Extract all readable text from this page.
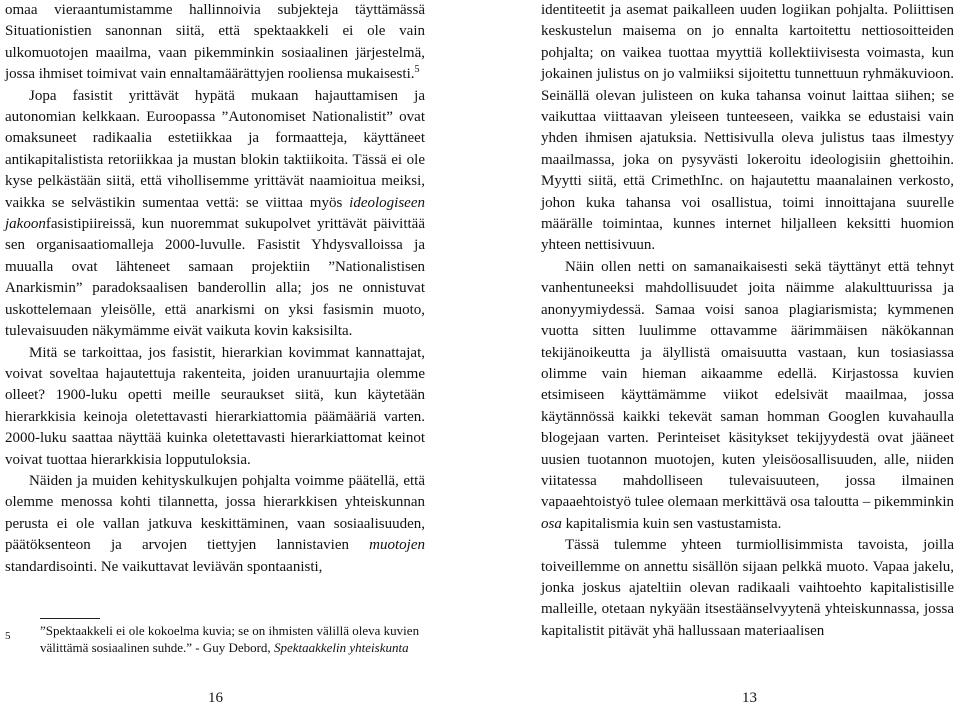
omaa vieraantumistamme hallinnoivia subjekteja täyttämässä Situationistien sanonnan siitä, että spektaakkeli ei ole vain ulkomuotojen maailma, vaan pikemminkin sosiaalinen järjestelmä, jossa ihmiset toimivat vain ennaltamäärättyjen rooliensa mukaisesti.$^5$

Jopa fasistit yrittävät hypätä mukaan hajauttamisen ja autonomian kelkkaan. Euroopassa ”Autonomiset Nationalistit” ovat omaksuneet radikaalia estetiikkaa ja formaatteja, käyttäneet antikapitalistista retoriikkaa ja mustan blokin taktiikoita. Tässä ei ole kyse pelkästään siitä, että vihollisemme yrittävät naamioitua meiksi, vaikka se selvästikin sumentaa vettä: se viittaa myös ideologiseen jakoonfasistipiireissä, kun nuoremmat sukupolvet yrittävät päivittää sen organisaatiomalleja 2000-luvulle. Fasistit Yhdysvalloissa ja muualla ovat lähteneet samaan projektiin ”Nationalistisen Anarkismin” paradoksaalisen banderollin alla; jos ne onnistuvat uskottelemaan yleisölle, että anarkismi on yksi fasismin muoto, tulevaisuuden näkymämme eivät vaikuta kovin kaksisilta.

Mitä se tarkoittaa, jos fasistit, hierarkian kovimmat kannattajat, voivat soveltaa hajautettuja rakenteita, joiden uranuurtajia olemme olleet? 1900-luku opetti meille seuraukset siitä, kun käytetään hierarkkisia keinoja oletettavasti hierarkiattomia päämääriä varten. 2000-luku saattaa näyttää kuinka oletettavasti hierarkiattomat keinot voivat tuottaa hierarkkisia lopputuloksia.

Näiden ja muiden kehityskulkujen pohjalta voimme päätellä, että olemme menossa kohti tilannetta, jossa hierarkkisen yhteiskunnan perusta ei ole vallan jatkuva keskittäminen, vaan sosiaalisuuden, päätöksenteon ja arvojen tiettyjen lannistavien muotojen standardisointi. Ne vaikuttavat leviävän spontaanisti,

identiteetit ja asemat paikalleen uuden logiikan pohjalta. Poliittisen keskustelun maisema on jo ennalta kartoitettu nettiosoitteiden pohjalta; on vaikea tuottaa myyttiä kollektiivisesta voimasta, kun jokainen julistus on jo valmiiksi sijoitettu tunnettuun ryhmäkuvioon. Seinällä olevan julisteen on kuka tahansa voinut laittaa siihen; se vaikuttaa viittaavan yleiseen tunteeseen, vaikka se edustaisi vain yhden ihmisen ajatuksia. Nettisivulla oleva julistus taas ilmestyy maailmassa, joka on pysyvästi lokeroitu ideologisiin ghettoihin. Myytti siitä, että CrimethInc. on hajautettu maanalainen verkosto, johon kuka tahansa voi osallistua, toimi innoittajana suurelle määrälle toimintaa, kunnes internet hiljalleen keksitti huomion yhteen nettisivuun.

Näin ollen netti on samanaikaisesti sekä täyttänyt että tehnyt vanhentuneeksi mahdollisuudet joita näimme alakulttuurissa ja anonyymiydessä. Samaa voisi sanoa plagiarismista; kymmenen vuotta sitten luulimme ottavamme äärimmäisen näkökannan tekijänoikeutta ja älyllistä omaisuutta vastaan, kun tosiasiassa olimme vain hieman aikaamme edellä. Kirjastossa kuvien etsimiseen käyttämämme viikot edelsivät maailmaa, jossa käytännössä kaikki tekevät saman homman Googlen kuvahaulla blogejaan varten. Perinteiset käsitykset tekijyydestä ovat jääneet uusien tuotannon muotojen, kuten yleisöosallisuuden, alle, niiden viitatessa mahdolliseen tulevaisuuteen, jossa ilmainen vapaaehtoistyö tulee olemaan merkittävä osa taloutta – pikemminkin osa kapitalismia kuin sen vastustamista.

Tässä tulemme yhteen turmiollisimmista tavoista, joilla toiveillemme on annettu sisällön sijaan pelkkä muoto. Vapaa jakelu, jonka joskus ajateltiin olevan radikaali vaihtoehto kapitalistisille malleille, otetaan nykyään itsestäänselvyytenä yhteiskunnassa, jossa kapitalistit pitävät yhä hallussaan materiaalisen

5 ”Spektaakkeli ei ole kokoelma kuvia; se on ihmisten välillä oleva kuvien välittämä sosiaalinen suhde.” - Guy Debord, Spektaakkelin yhteiskunta
16	13
